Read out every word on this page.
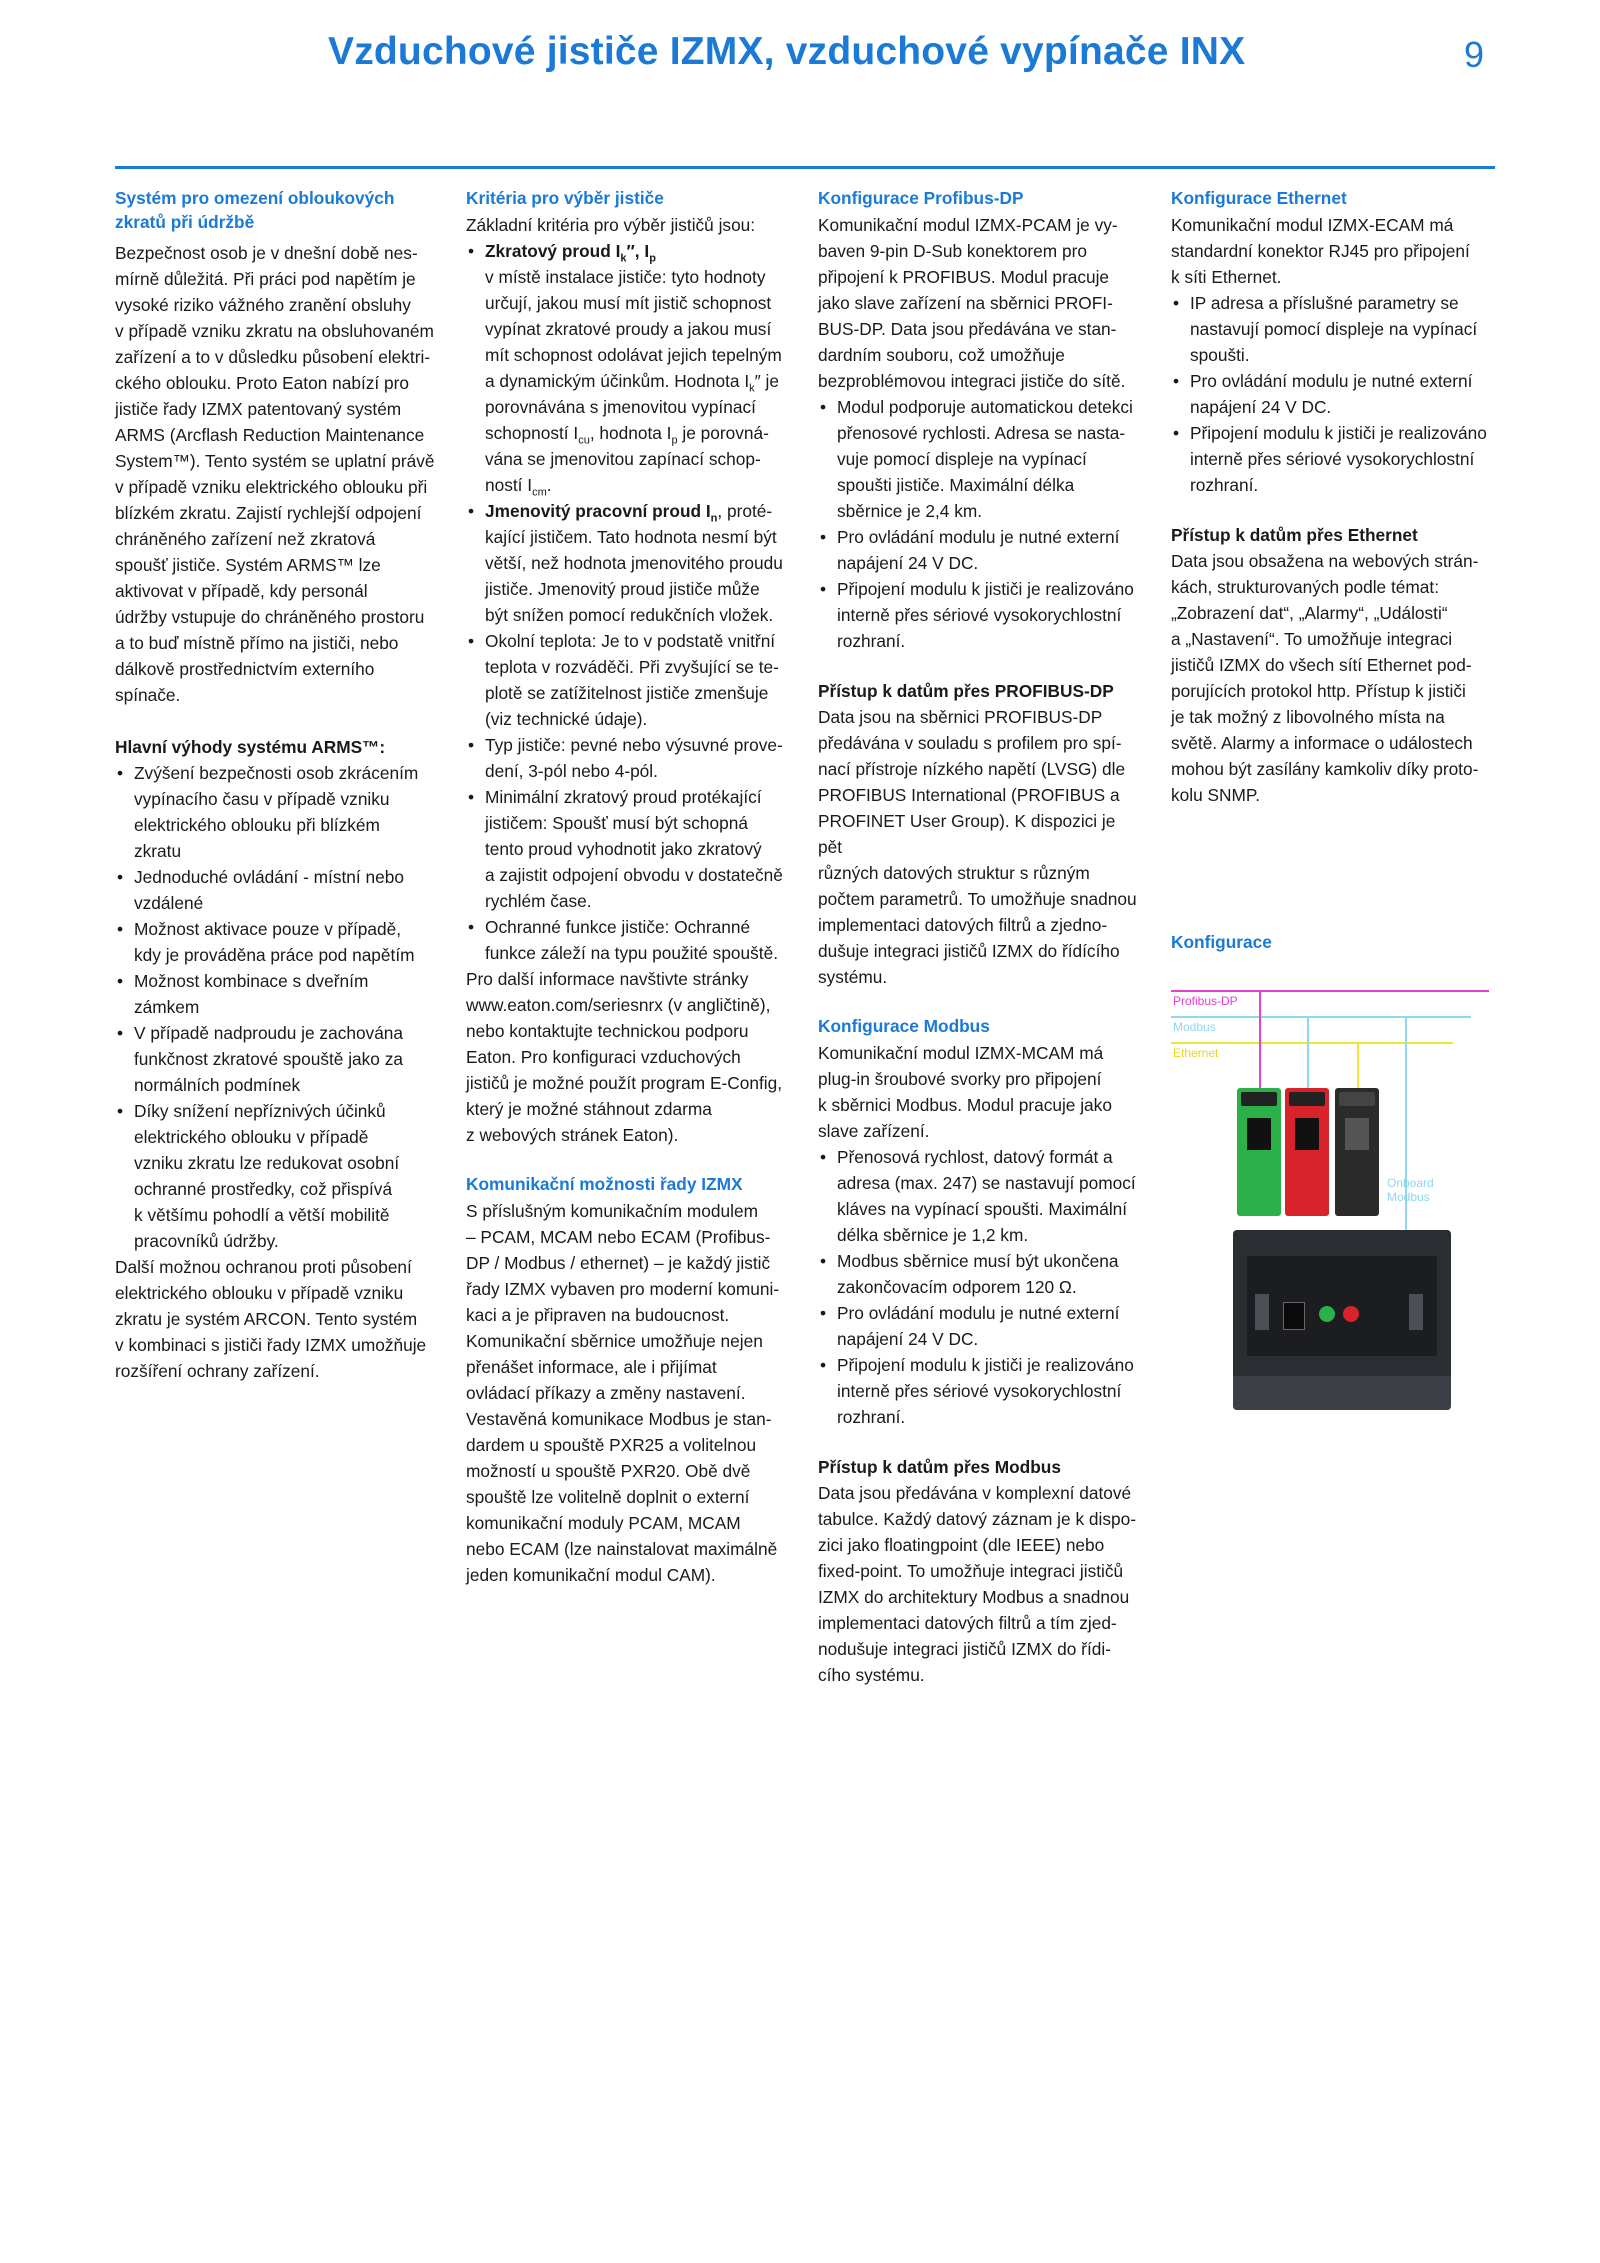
Vzduchové jističe IZMX, vzduchové vypínače INX	9
Systém pro omezení obloukových zkratů při údržbě
Bezpečnost osob je v dnešní době nes-
mírně důležitá. Při práci pod napětím je
vysoké riziko vážného zranění obsluhy
v případě vzniku zkratu na obsluhovaném
zařízení a to v důsledku působení elektri-
ckého oblouku. Proto Eaton nabízí pro
jističe řady IZMX patentovaný systém
ARMS (Arcflash Reduction Maintenance
System™). Tento systém se uplatní právě
v případě vzniku elektrického oblouku při
blízkém zkratu. Zajistí rychlejší odpojení
chráněného zařízení než zkratová
spoušť jističe. Systém ARMS™ lze
aktivovat v případě, kdy personál
údržby vstupuje do chráněného prostoru
a to buď místně přímo na jističi, nebo
dálkově prostřednictvím externího
spínače.
Hlavní výhody systému ARMS™:
• Zvýšení bezpečnosti osob zkrácením
vypínacího času v případě vzniku
elektrického oblouku při blízkém
zkratu
• Jednoduché ovládání - místní nebo
vzdálené
• Možnost aktivace pouze v případě,
kdy je prováděna práce pod napětím
• Možnost kombinace s dveřním
zámkem
• V případě nadproudu je zachována
funkčnost zkratové spouště jako za
normálních podmínek
• Díky snížení nepříznivých účinků
elektrického oblouku v případě
vzniku zkratu lze redukovat osobní
ochranné prostředky, což přispívá
k většímu pohodlí a větší mobilitě
pracovníků údržby.
Další možnou ochranou proti působení
elektrického oblouku v případě vzniku
zkratu je systém ARCON. Tento systém
v kombinaci s jističi řady IZMX umožňuje
rozšíření ochrany zařízení.
Kritéria pro výběr jističe

Základní kritéria pro výběr jističů jsou:

• Zkratový proud $I_k''$, $I_p$
v místě instalace jističe: tyto hodnoty
určují, jakou musí mít jistič schopnost
vypínat zkratové proudy a jakou musí
mít schopnost odolávat jejich tepelným
a dynamickým účinkům. Hodnota $I_k''$ je
porovnávána s jmenovitou vypínací
schopností $I_{cu}$, hodnota $I_p$ je porovná-
vána se jmenovitou zapínací schop-
ností $I_{cm}$.
• Jmenovitý pracovní proud $I_n$, proté-
kající jističem. Tato hodnota nesmí být
větší, než hodnota jmenovitého proudu
jističe. Jmenovitý proud jističe může
být snížen pomocí redukčních vložek.
• Okolní teplota: Je to v podstatě vnitřní
teplota v rozváděči. Při zvyšující se te-
plotě se zatížitelnost jističe zmenšuje
(viz technické údaje).
• Typ jističe: pevné nebo výsuvné prove-
dení, 3-pól nebo 4-pól.
• Minimální zkratový proud protékající
jističem: Spoušť musí být schopná
tento proud vyhodnotit jako zkratový
a zajistit odpojení obvodu v dostatečně
rychlém čase.
• Ochranné funkce jističe: Ochranné
funkce záleží na typu použité spouště.
Pro další informace navštivte stránky
www.eaton.com/seriesnrx (v angličtině),
nebo kontaktujte technickou podporu
Eaton. Pro konfiguraci vzduchových
jističů je možné použít program E-Config,
který je možné stáhnout zdarma
z webových stránek Eaton).
Komunikační možnosti řady IZMX
S příslušným komunikačním modulem
– PCAM, MCAM nebo ECAM (Profibus-
DP / Modbus / ethernet) – je každý jistič
řady IZMX vybaven pro moderní komuni-
kaci a je připraven na budoucnost.
Komunikační sběrnice umožňuje nejen
přenášet informace, ale i přijímat
ovládací příkazy a změny nastavení.
Vestavěná komunikace Modbus je stan-
dardem u spouště PXR25 a volitelnou
možností u spouště PXR20. Obě dvě
spouště lze volitelně doplnit o externí
komunikační moduly PCAM, MCAM
nebo ECAM (lze nainstalovat maximálně
jeden komunikační modul CAM).
Konfigurace Profibus-DP
Komunikační modul IZMX-PCAM je vy-
baven 9-pin D-Sub konektorem pro
připojení k PROFIBUS. Modul pracuje
jako slave zařízení na sběrnici PROFI-
BUS-DP. Data jsou předávána ve stan-
dardním souboru, což umožňuje
bezproblémovou integraci jističe do sítě.
• Modul podporuje automatickou detekci
přenosové rychlosti. Adresa se nasta-
vuje pomocí displeje na vypínací
spoušti jističe. Maximální délka
sběrnice je 2,4 km.
• Pro ovládání modulu je nutné externí
napájení 24 V DC.
• Připojení modulu k jističi je realizováno
interně přes sériové vysokorychlostní
rozhraní.
Přístup k datům přes PROFIBUS-DP
Data jsou na sběrnici PROFIBUS-DP
předávána v souladu s profilem pro spí-
nací přístroje nízkého napětí (LVSG) dle
PROFIBUS International (PROFIBUS a
PROFINET User Group). K dispozici je pět
různých datových struktur s různým
počtem parametrů. To umožňuje snadnou
implementaci datových filtrů a zjedno-
dušuje integraci jističů IZMX do řídícího
systému.
Konfigurace Modbus
Komunikační modul IZMX-MCAM má
plug-in šroubové svorky pro připojení
k sběrnici Modbus. Modul pracuje jako
slave zařízení.
• Přenosová rychlost, datový formát a
adresa (max. 247) se nastavují pomocí
kláves na vypínací spoušti. Maximální
délka sběrnice je 1,2 km.
• Modbus sběrnice musí být ukončena
zakončovacím odporem 120 Ω.
• Pro ovládání modulu je nutné externí
napájení 24 V DC.
• Připojení modulu k jističi je realizováno
interně přes sériové vysokorychlostní
rozhraní.
Přístup k datům přes Modbus
Data jsou předávána v komplexní datové
tabulce. Každý datový záznam je k dispo-
zici jako floatingpoint (dle IEEE) nebo
fixed-point. To umožňuje integraci jističů
IZMX do architektury Modbus a snadnou
implementaci datových filtrů a tím zjed-
nodušuje integraci jističů IZMX do řídi-
cího systému.
Konfigurace Ethernet
Komunikační modul IZMX-ECAM má
standardní konektor RJ45 pro připojení
k síti Ethernet.
• IP adresa a příslušné parametry se
nastavují pomocí displeje na vypínací
spoušti.
• Pro ovládání modulu je nutné externí
napájení 24 V DC.
• Připojení modulu k jističi je realizováno
interně přes sériové vysokorychlostní
rozhraní.
Přístup k datům přes Ethernet
Data jsou obsažena na webových strán-
kách, strukturovaných podle témat:
„Zobrazení dat“, „Alarmy“, „Události“
a „Nastavení“. To umožňuje integraci
jističů IZMX do všech sítí Ethernet pod-
porujících protokol http. Přístup k jističi
je tak možný z libovolného místa na
světě. Alarmy a informace o událostech
mohou být zasílány kamkoliv díky proto-
kolu SNMP.
Konfigurace
Profibus-DP
Modbus
Ethernet
Onboard
Modbus
